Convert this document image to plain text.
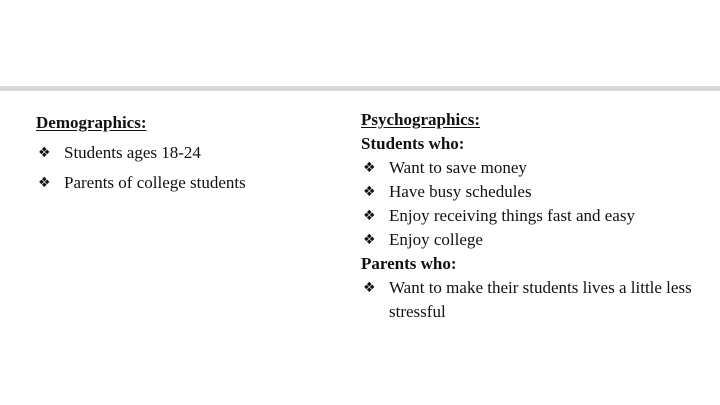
Demographics:
❖ Students ages 18-24
❖ Parents of college students
Psychographics:
Students who:
❖ Want to save money
❖ Have busy schedules
❖ Enjoy receiving things fast and easy
❖ Enjoy college
Parents who:
❖ Want to make their students lives a little less stressful
